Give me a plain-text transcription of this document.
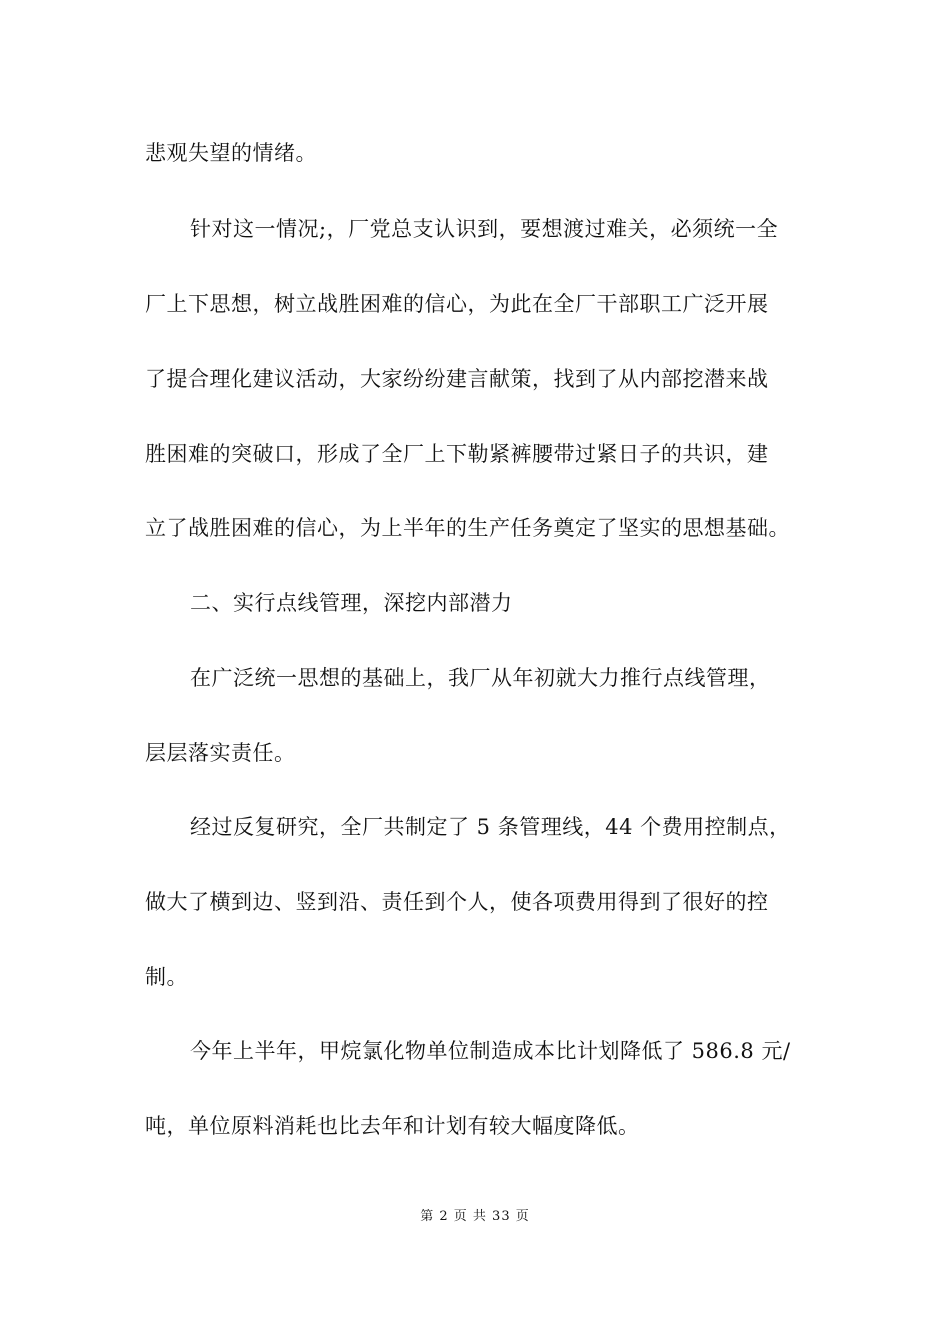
悲观失望的情绪。
针对这一情况;，厂党总支认识到，要想渡过难关，必须统一全
厂上下思想，树立战胜困难的信心，为此在全厂干部职工广泛开展
了提合理化建议活动，大家纷纷建言献策，找到了从内部挖潜来战
胜困难的突破口，形成了全厂上下勒紧裤腰带过紧日子的共识，建
立了战胜困难的信心，为上半年的生产任务奠定了坚实的思想基础。
二、实行点线管理，深挖内部潜力
在广泛统一思想的基础上，我厂从年初就大力推行点线管理，
层层落实责任。
经过反复研究，全厂共制定了 5 条管理线，44 个费用控制点，
做大了横到边、竖到沿、责任到个人，使各项费用得到了很好的控
制。
今年上半年，甲烷氯化物单位制造成本比计划降低了 586.8 元/
吨，单位原料消耗也比去年和计划有较大幅度降低。
第 2 页 共 33 页
